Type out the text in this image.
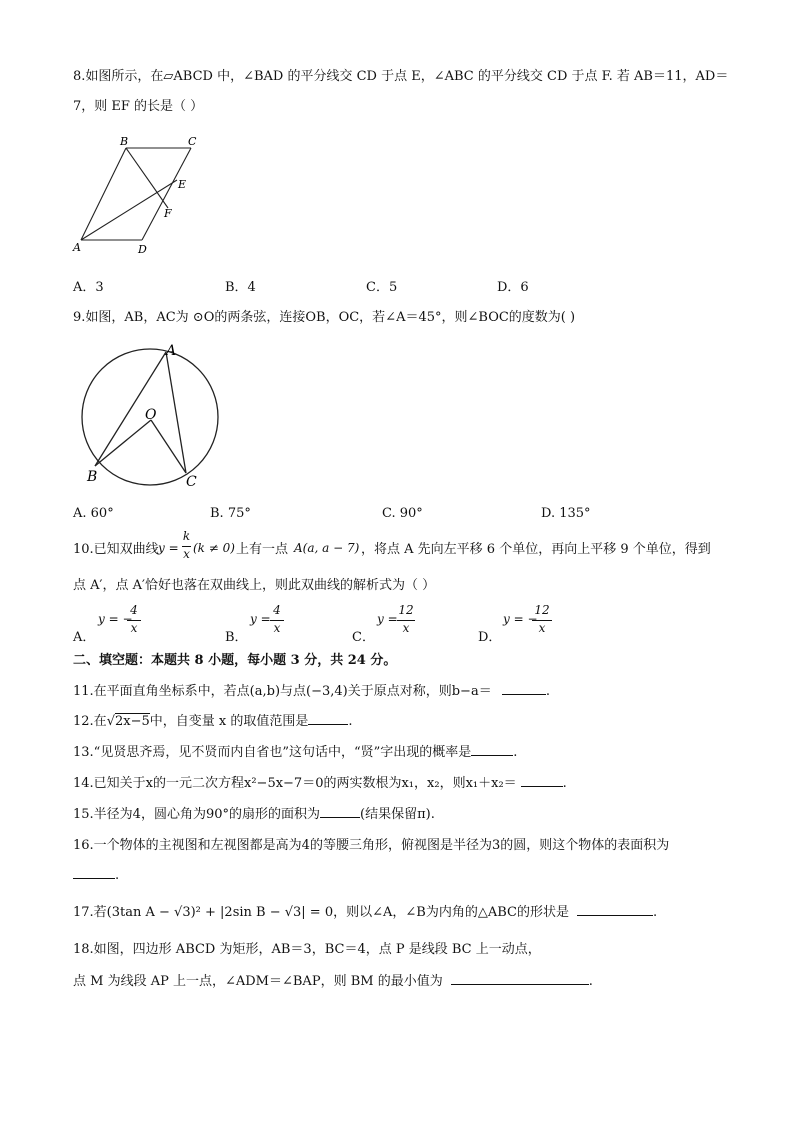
8.如图所示，在▱ABCD 中，∠BAD 的平分线交 CD 于点 E，∠ABC 的平分线交 CD 于点 F. 若 AB＝11，AD＝
7，则 EF 的长是（ ）
B	C
E
F
A	D
A．3	B．4	C．5	D．6
9.如图，AB，AC为 ⊙O的两条弦，连接OB，OC，若∠A＝45°，则∠BOC的度数为( )
A
O
B	C
A. 60°	B. 75°	C. 90°	D. 135°
10.已知双曲线 y =
k
x (k ≠ 0) 上有一点 A(a, a − 7) ，将点 A 先向左平移 6 个单位，再向上平移 9 个单位，得到
点 A′，点 A′恰好也落在双曲线上，则此双曲线的解析式为（ ）
A．
y = −
4
x
B．
y =
4
x
C．
y =
12
x
D．
y = −
12
x
二、填空题：本题共 8 小题，每小题 3 分，共 24 分。
11.在平面直角坐标系中，若点(a,b)与点(−3,4)关于原点对称，则b−a＝	.
12.在√2x−5中，自变量 x 的取值范围是	.
13.“见贤思齐焉，见不贤而内自省也”这句话中，“贤”字出现的概率是	.
14.已知关于x的一元二次方程x²−5x−7＝0的两实数根为x₁，x₂，则x₁＋x₂＝	.
15.半径为4，圆心角为90°的扇形的面积为	(结果保留π).
16.一个物体的主视图和左视图都是高为4的等腰三角形，俯视图是半径为3的圆，则这个物体的表面积为
.
17.若(3tan A − √3)² + |2sin B − √3| = 0，则以∠A，∠B为内角的△ABC的形状是	.
18.如图，四边形 ABCD 为矩形，AB＝3，BC＝4，点 P 是线段 BC 上一动点，
点 M 为线段 AP 上一点，∠ADM＝∠BAP，则 BM 的最小值为	.
